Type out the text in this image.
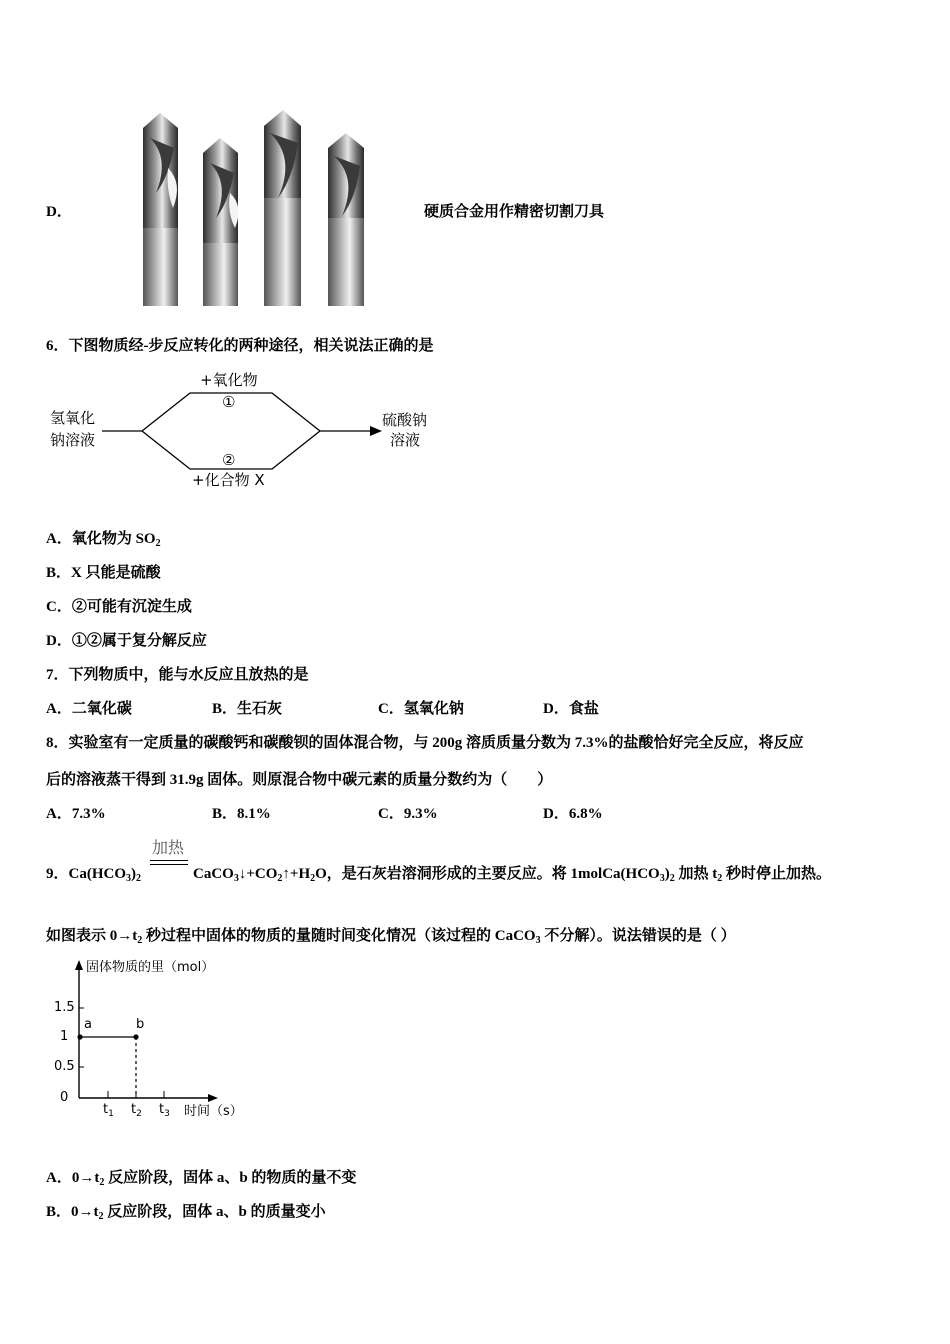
D．	硬质合金用作精密切割刀具
6．下图物质经-步反应转化的两种途径，相关说法正确的是
氢氧化
钠溶液
+氧化物
①
②
+化合物 X
硫酸钠
溶液
A．氧化物为 $SO_2$
B．X 只能是硫酸
C．②可能有沉淀生成
D．①②属于复分解反应
7．下列物质中，能与水反应且放热的是
A．二氧化碳	B．生石灰	C．氢氧化钠	D．食盐
8．实验室有一定质量的碳酸钙和碳酸钡的固体混合物，与 200g 溶质质量分数为 7.3%的盐酸恰好完全反应，将反应
后的溶液蒸干得到 31.9g 固体。则原混合物中碳元素的质量分数约为（　　）
A．7.3%	B．8.1%	C．9.3%	D．6.8%
9．$Ca(HCO_3)_2$
加热
$CaCO_3↓+CO_2↑+H_2O$，是石灰岩溶洞形成的主要反应。将 $1molCa(HCO_3)_2$ 加热 $t_2$ 秒时停止加热。
如图表示 $0\to t_2$ 秒过程中固体的物质的量随时间变化情况（该过程的 CaCO$_3$ 不分解）。说法错误的是（ ）
固体物质的里（mol）
1.5
1
0.5
0
a	b
$t_1$ $t_2$ $t_3$ 时间（s）
A．$0\to t_2$ 反应阶段，固体 a、b 的物质的量不变
B．$0\to t_2$ 反应阶段，固体 a、b 的质量变小
